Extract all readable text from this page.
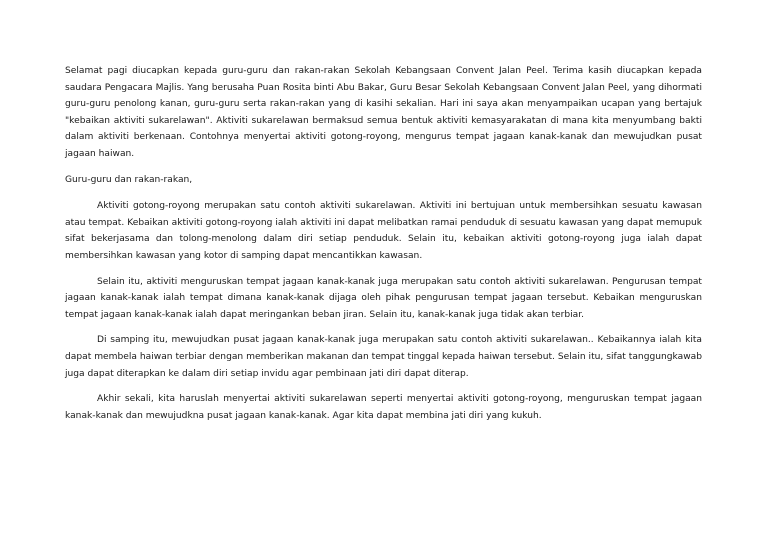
Selamat pagi diucapkan kepada guru-guru dan rakan-rakan Sekolah Kebangsaan Convent Jalan Peel. Terima kasih diucapkan kepada saudara Pengacara Majlis. Yang berusaha Puan Rosita binti Abu Bakar, Guru Besar Sekolah Kebangsaan Convent Jalan Peel, yang dihormati guru-guru penolong kanan, guru-guru serta rakan-rakan yang di kasihi sekalian. Hari ini saya akan menyampaikan ucapan yang bertajuk "kebaikan aktiviti sukarelawan". Aktiviti sukarelawan bermaksud semua bentuk aktiviti kemasyarakatan di mana kita menyumbang bakti dalam aktiviti berkenaan. Contohnya menyertai aktiviti gotong-royong, mengurus tempat jagaan kanak-kanak dan mewujudkan pusat jagaan haiwan.

Guru-guru dan rakan-rakan,

Aktiviti gotong-royong merupakan satu contoh aktiviti sukarelawan. Aktiviti ini bertujuan untuk membersihkan sesuatu kawasan atau tempat. Kebaikan aktiviti gotong-royong ialah aktiviti ini dapat melibatkan ramai penduduk di sesuatu kawasan yang dapat memupuk sifat bekerjasama dan tolong-menolong dalam diri setiap penduduk. Selain itu, kebaikan aktiviti gotong-royong juga ialah dapat membersihkan kawasan yang kotor di samping dapat mencantikkan kawasan.

Selain itu, aktiviti menguruskan tempat jagaan kanak-kanak juga merupakan satu contoh aktiviti sukarelawan. Pengurusan tempat jagaan kanak-kanak ialah tempat dimana kanak-kanak dijaga oleh pihak pengurusan tempat jagaan tersebut. Kebaikan menguruskan tempat jagaan kanak-kanak ialah dapat meringankan beban jiran. Selain itu, kanak-kanak juga tidak akan terbiar.

Di samping itu, mewujudkan pusat jagaan kanak-kanak juga merupakan satu contoh aktiviti sukarelawan.. Kebaikannya ialah kita dapat membela haiwan terbiar dengan memberikan makanan dan tempat tinggal kepada haiwan tersebut. Selain itu, sifat tanggungkawab juga dapat diterapkan ke dalam diri setiap invidu agar pembinaan jati diri dapat diterap.

Akhir sekali, kita haruslah menyertai aktiviti sukarelawan seperti menyertai aktiviti gotong-royong, menguruskan tempat jagaan kanak-kanak dan mewujudkna pusat jagaan kanak-kanak. Agar kita dapat membina jati diri yang kukuh.
